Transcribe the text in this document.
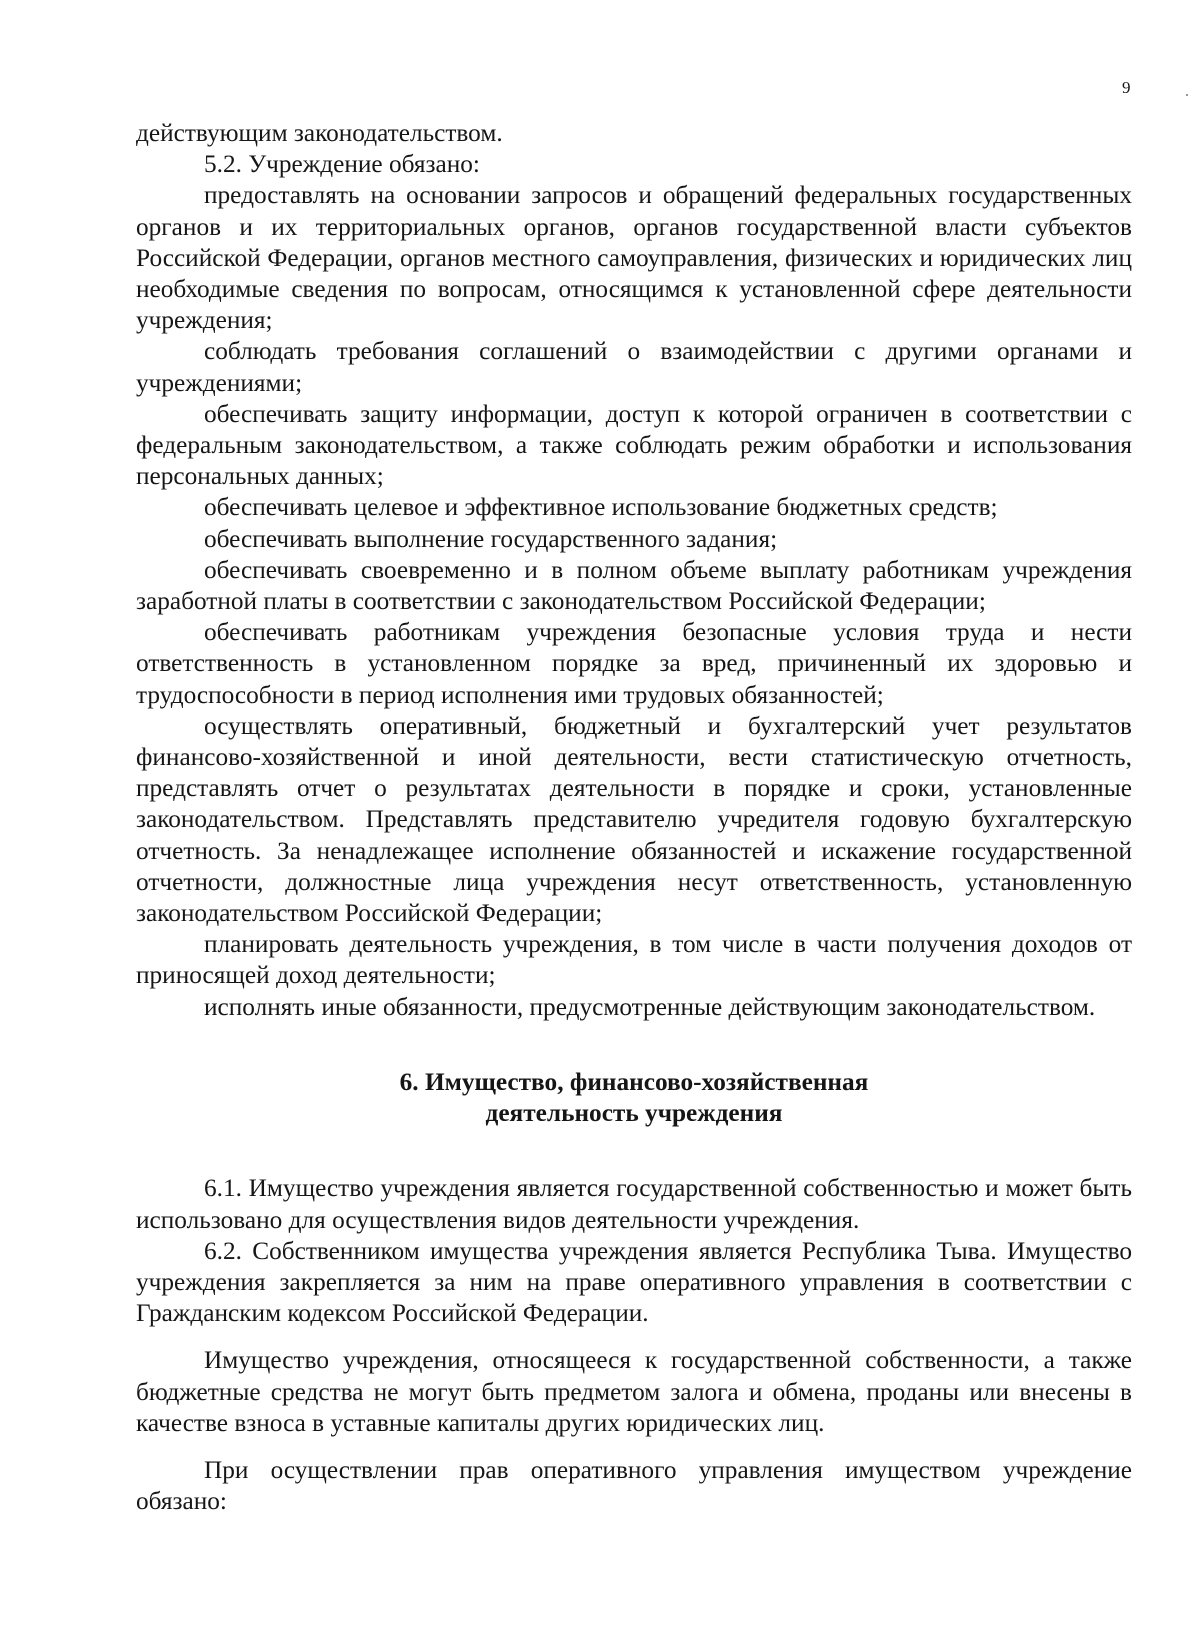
9

действующим законодательством.

5.2. Учреждение обязано:

предоставлять на основании запросов и обращений федеральных государственных органов и их территориальных органов, органов государственной власти субъектов Российской Федерации, органов местного самоуправления, физических и юридических лиц необходимые сведения по вопросам, относящимся к установленной сфере деятельности учреждения;

соблюдать требования соглашений о взаимодействии с другими органами и учреждениями;

обеспечивать защиту информации, доступ к которой ограничен в соответствии с федеральным законодательством, а также соблюдать режим обработки и использования персональных данных;

обеспечивать целевое и эффективное использование бюджетных средств;

обеспечивать выполнение государственного задания;

обеспечивать своевременно и в полном объеме выплату работникам учреждения заработной платы в соответствии с законодательством Российской Федерации;

обеспечивать работникам учреждения безопасные условия труда и нести ответственность в установленном порядке за вред, причиненный их здоровью и трудоспособности в период исполнения ими трудовых обязанностей;

осуществлять оперативный, бюджетный и бухгалтерский учет результатов финансово-хозяйственной и иной деятельности, вести статистическую отчетность, представлять отчет о результатах деятельности в порядке и сроки, установленные законодательством. Представлять представителю учредителя годовую бухгалтерскую отчетность. За ненадлежащее исполнение обязанностей и искажение государственной отчетности, должностные лица учреждения несут ответственность, установленную законодательством Российской Федерации;

планировать деятельность учреждения, в том числе в части получения доходов от приносящей доход деятельности;

исполнять иные обязанности, предусмотренные действующим законодательством.

6. Имущество, финансово-хозяйственная
деятельность учреждения

6.1. Имущество учреждения является государственной собственностью и может быть использовано для осуществления видов деятельности учреждения.

6.2. Собственником имущества учреждения является Республика Тыва. Имущество учреждения закрепляется за ним на праве оперативного управления в соответствии с Гражданским кодексом Российской Федерации.

Имущество учреждения, относящееся к государственной собственности, а также бюджетные средства не могут быть предметом залога и обмена, проданы или внесены в качестве взноса в уставные капиталы других юридических лиц.

При осуществлении прав оперативного управления имуществом учреждение обязано:
